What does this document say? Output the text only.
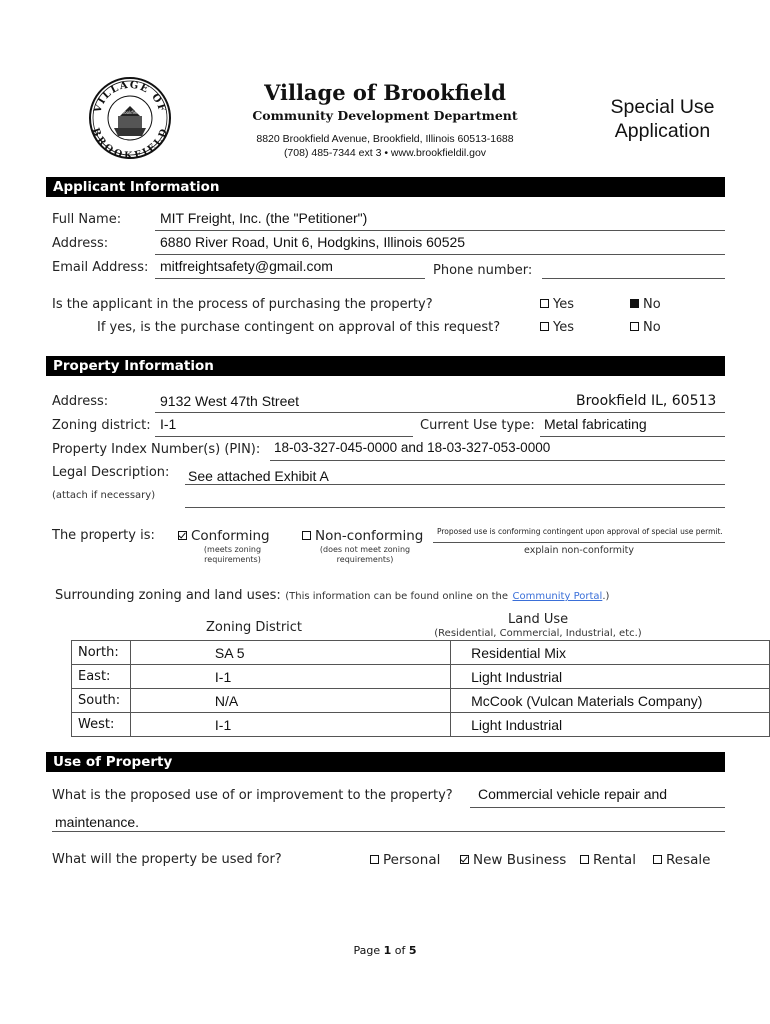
VILLAGE OF
BROOKFIELD
Brookfield
Village of Brookfield
Community Development Department
8820 Brookfield Avenue, Brookfield, Illinois 60513-1688
(708) 485-7344 ext 3 • www.brookfieldil.gov
Special Use
Application
Applicant Information
Full Name:	MIT Freight, Inc. (the "Petitioner")
Address:	6880 River Road, Unit 6, Hodgkins, Illinois 60525
Email Address: mitfreightsafety@gmail.com	Phone number:
Is the applicant in the process of purchasing the property?	Yes	No
If yes, is the purchase contingent on approval of this request?	Yes	No
Property Information
Address:	9132 West 47th Street	Brookfield IL, 60513
Zoning district: I-1	Current Use type: Metal fabricating
Property Index Number(s) (PIN): 18-03-327-045-0000 and 18-03-327-053-0000
Legal Description: See attached Exhibit A
(attach if necessary)
The property is:	Conforming
(meets zoning
requirements)
Non-conforming
(does not meet zoning
requirements)
Proposed use is conforming contingent upon approval of special use permit.
explain non-conformity
Surrounding zoning and land uses: (This information can be found online on the Community Portal.)
Zoning District
Land Use
(Residential, Commercial, Industrial, etc.)
North:	SA 5	Residential Mix
East:	I-1	Light Industrial
South:	N/A	McCook (Vulcan Materials Company)
West:	I-1	Light Industrial
Use of Property
What is the proposed use of or improvement to the property? Commercial vehicle repair and
maintenance.
What will the property be used for?	Personal	New Business	Rental	Resale
Page 1 of 5
